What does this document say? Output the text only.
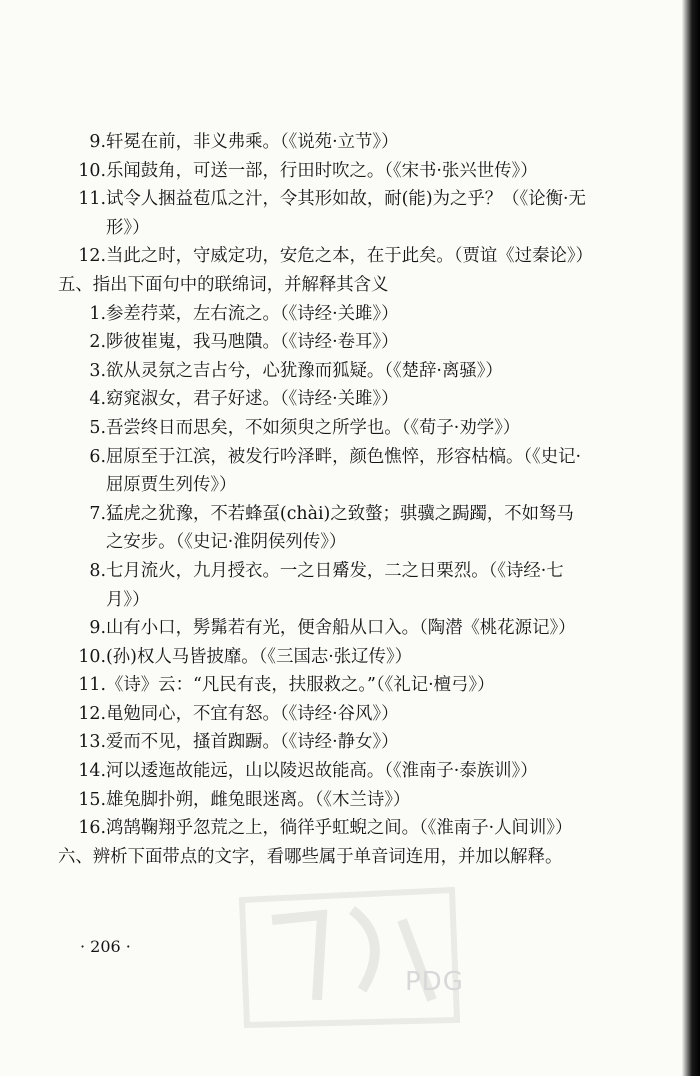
9. 轩冕在前，非义弗乘。（《说苑·立节》）
10. 乐闻鼓角，可送一部，行田时吹之。（《宋书·张兴世传》）
11. 试令人捆益苞瓜之汁，令其形如故，耐(能)为之乎？（《论衡·无形》）
12. 当此之时，守威定功，安危之本，在于此矣。（贾谊《过秦论》）
五、指出下面句中的联绵词，并解释其含义
1. 参差荇菜，左右流之。（《诗经·关雎》）
2. 陟彼崔嵬，我马虺隤。（《诗经·卷耳》）
3. 欲从灵氛之吉占兮，心犹豫而狐疑。（《楚辞·离骚》）
4. 窈窕淑女，君子好逑。（《诗经·关雎》）
5. 吾尝终日而思矣，不如须臾之所学也。（《荀子·劝学》）
6. 屈原至于江滨，被发行吟泽畔，颜色憔悴，形容枯槁。（《史记·屈原贾生列传》）
7. 猛虎之犹豫，不若蜂虿(chài)之致螫；骐骥之跼躅，不如驽马之安步。（《史记·淮阴侯列传》）
8. 七月流火，九月授衣。一之日觱发，二之日栗烈。（《诗经·七月》）
9. 山有小口，髣髴若有光，便舍船从口入。（陶潜《桃花源记》）
10. (孙)权人马皆披靡。（《三国志·张辽传》）
11. 《诗》云：“凡民有丧，扶服救之。”（《礼记·檀弓》）
12. 黾勉同心，不宜有怒。（《诗经·谷风》）
13. 爱而不见，搔首踟蹰。（《诗经·静女》）
14. 河以逶迤故能远，山以陵迟故能高。（《淮南子·泰族训》）
15. 雄兔脚扑朔，雌兔眼迷离。（《木兰诗》）
16. 鸿鹄鞠翔乎忽荒之上，徜徉乎虹蜺之间。（《淮南子·人间训》）
六、辨析下面带点的文字，看哪些属于单音词连用，并加以解释。
· 206 ·
PDG
